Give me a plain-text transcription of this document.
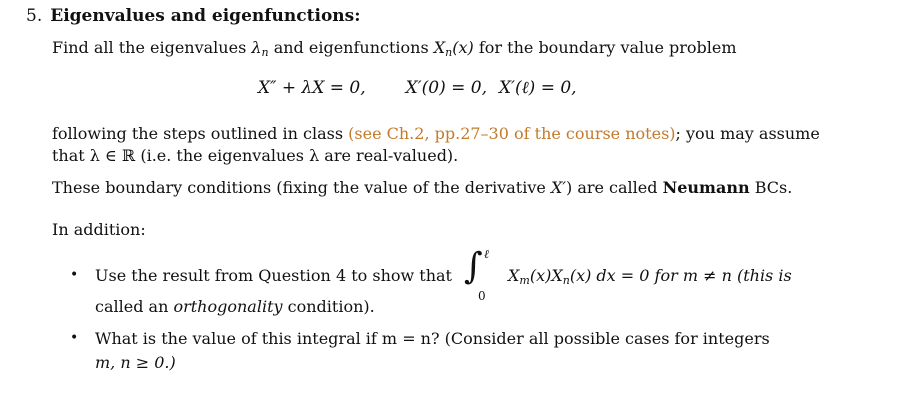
5. Eigenvalues and eigenfunctions:
Find all the eigenvalues $\lambda_n$ and eigenfunctions $X_n(x)$ for the boundary value problem
X″ + λX = 0, X′(0) = 0, X′(ℓ) = 0,
following the steps outlined in class (see Ch.2, pp.27–30 of the course notes); you may assume
that λ ∈ ℝ (i.e. the eigenvalues λ are real-valued).
These boundary conditions (fixing the value of the derivative X′) are called Neumann BCs.
In addition:
• Use the result from Question 4 to show that ∫ ℓ
0
$X_m(x)X_n(x)$ dx = 0 for m ≠ n (this is
called an orthogonality condition).
• What is the value of this integral if m = n? (Consider all possible cases for integers
m, n ≥ 0.)
